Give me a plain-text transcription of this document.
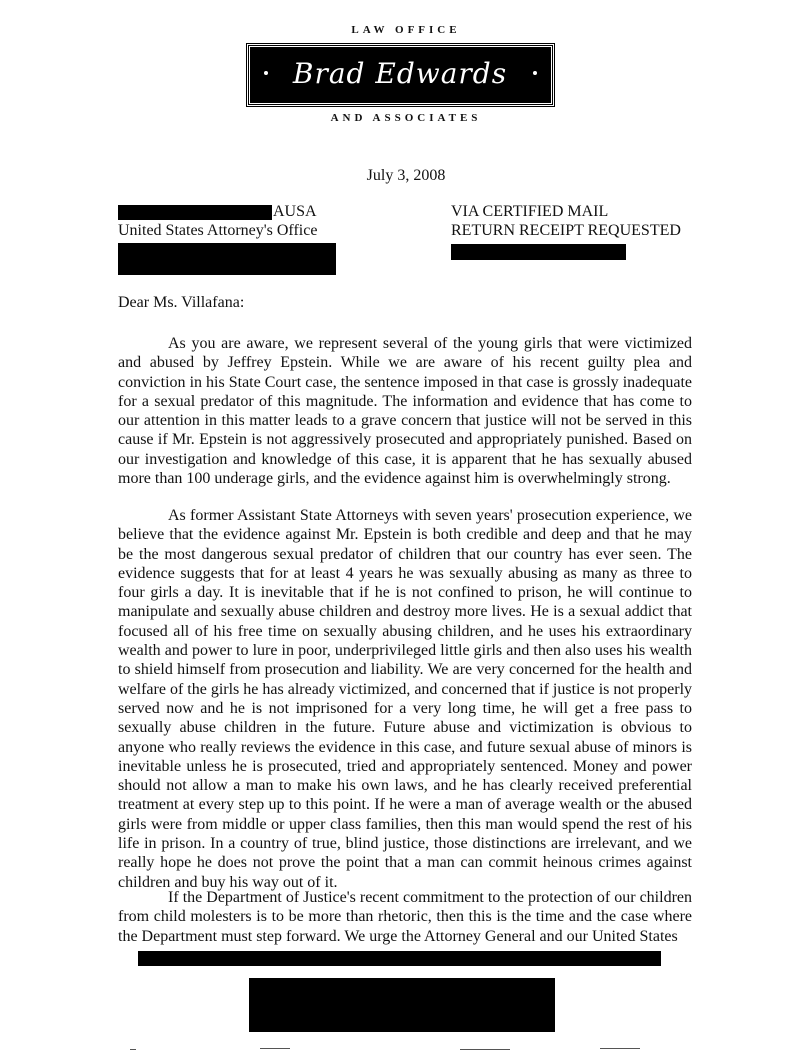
LAW OFFICE
Brad Edwards
AND ASSOCIATES
July 3, 2008
AUSA
United States Attorney's Office
VIA CERTIFIED MAIL
RETURN RECEIPT REQUESTED
Dear Ms. Villafana:

As you are aware, we represent several of the young girls that were victimized and abused by Jeffrey Epstein. While we are aware of his recent guilty plea and conviction in his State Court case, the sentence imposed in that case is grossly inadequate for a sexual predator of this magnitude. The information and evidence that has come to our attention in this matter leads to a grave concern that justice will not be served in this cause if Mr. Epstein is not aggressively prosecuted and appropriately punished. Based on our investigation and knowledge of this case, it is apparent that he has sexually abused more than 100 underage girls, and the evidence against him is overwhelmingly strong.

As former Assistant State Attorneys with seven years' prosecution experience, we believe that the evidence against Mr. Epstein is both credible and deep and that he may be the most dangerous sexual predator of children that our country has ever seen. The evidence suggests that for at least 4 years he was sexually abusing as many as three to four girls a day. It is inevitable that if he is not confined to prison, he will continue to manipulate and sexually abuse children and destroy more lives. He is a sexual addict that focused all of his free time on sexually abusing children, and he uses his extraordinary wealth and power to lure in poor, underprivileged little girls and then also uses his wealth to shield himself from prosecution and liability. We are very concerned for the health and welfare of the girls he has already victimized, and concerned that if justice is not properly served now and he is not imprisoned for a very long time, he will get a free pass to sexually abuse children in the future. Future abuse and victimization is obvious to anyone who really reviews the evidence in this case, and future sexual abuse of minors is inevitable unless he is prosecuted, tried and appropriately sentenced. Money and power should not allow a man to make his own laws, and he has clearly received preferential treatment at every step up to this point. If he were a man of average wealth or the abused girls were from middle or upper class families, then this man would spend the rest of his life in prison. In a country of true, blind justice, those distinctions are irrelevant, and we really hope he does not prove the point that a man can commit heinous crimes against children and buy his way out of it.

If the Department of Justice's recent commitment to the protection of our children from child molesters is to be more than rhetoric, then this is the time and the case where the Department must step forward. We urge the Attorney General and our United States
